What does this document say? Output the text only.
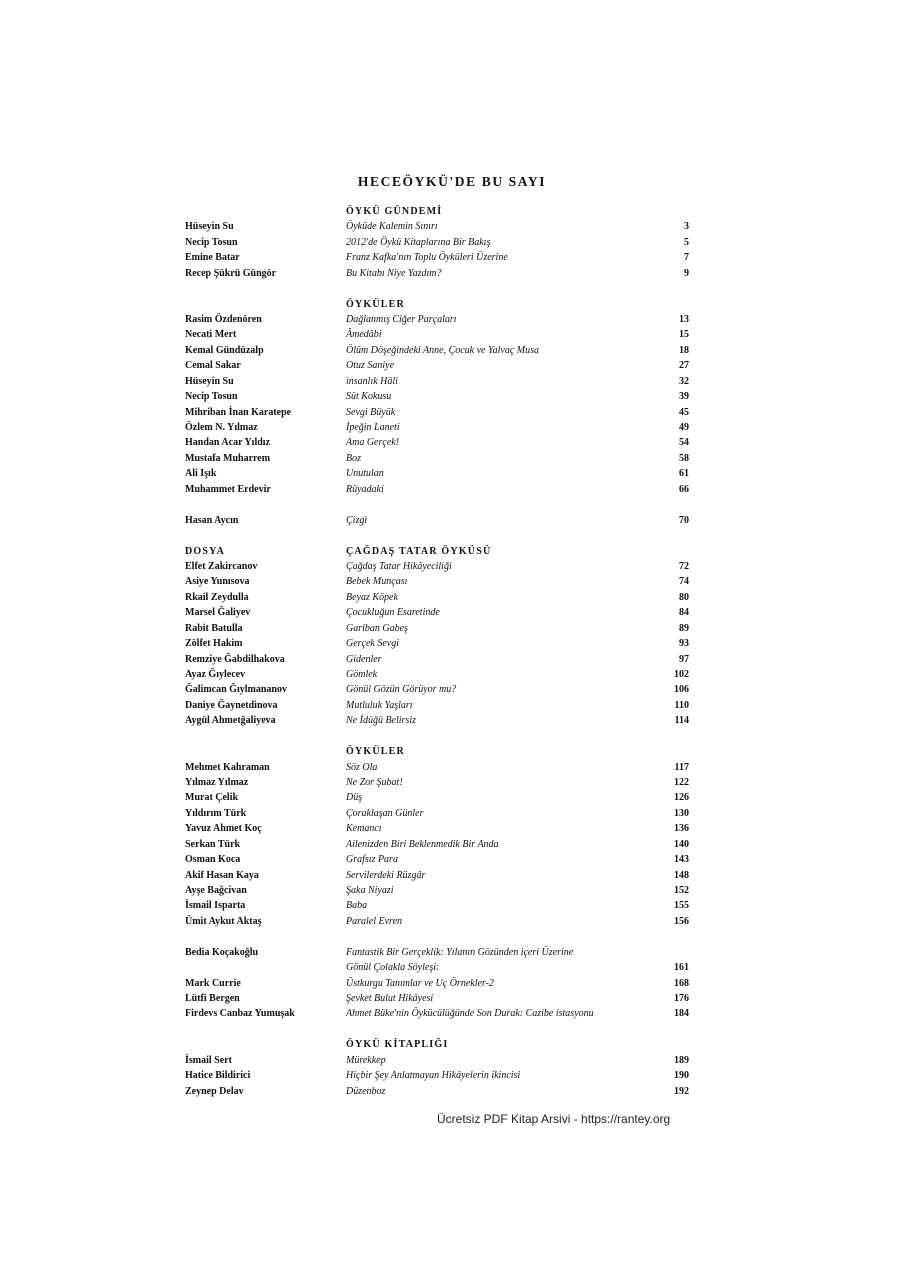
HECEÖYKÜ'DE BU SAYI
ÖYKÜ GÜNDEMİ
Hüseyin Su	Öyküde Kalemin Sınırı	3
Necip Tosun	2012'de Öykü Kitaplarına Bir Bakış	5
Emine Batar	Franz Kafka'nın Toplu Öyküleri Üzerine	7
Recep Şükrü Güngör	Bu Kitabı Niye Yazdım?	9
ÖYKÜLER
Rasim Özdenören	Dağlanmış Ciğer Parçaları	13
Necati Mert	Âmedâbi	15
Kemal Gündüzalp	Ölüm Döşeğindeki Anne, Çocuk ve Yalvaç Musa	18
Cemal Sakar	Otuz Saniye	27
Hüseyin Su	insanlık Hâli	32
Necip Tosun	Süt Kokusu	39
Mihriban İnan Karatepe	Sevgi Büyük	45
Özlem N. Yılmaz	İpeğin Laneti	49
Handan Acar Yıldız	Ama Gerçek!	54
Mustafa Muharrem	Boz	58
Ali Işık	Unutulan	61
Muhammet Erdevir	Rüyadaki	66
Hasan Aycın	Çizgi	70
DOSYA	ÇAĞDAŞ TATAR ÖYKÜSÜ
Elfet Zakircanov	Çağdaş Tatar Hikâyeciliği	72
Asiye Yunısova	Bebek Munçası	74
Rkail Zeydulla	Beyaz Köpek	80
Marsel Ğaliyev	Çocukluğun Esaretinde	84
Rabit Batulla	Gariban Gabeş	89
Zölfet Hakim	Gerçek Sevgi	93
Remziye Ğabdilhakova	Gidenler	97
Ayaz Ğıylecev	Gömlek	102
Ğalimcan Ğıylmananov	Gönül Gözün Görüyor mu?	106
Daniye Ğaynetdinova	Mutluluk Yaşları	110
Aygül Ahmetğaliyeva	Ne İdüğü Belirsiz	114
ÖYKÜLER
Mehmet Kahraman	Söz Ola	117
Yılmaz Yılmaz	Ne Zor Şubat!	122
Murat Çelik	Düş	126
Yıldırım Türk	Çoraklaşan Günler	130
Yavuz Ahmet Koç	Kemancı	136
Serkan Türk	Ailenizden Biri Beklenmedik Bir Anda	140
Osman Koca	Grafsız Para	143
Akif Hasan Kaya	Servilerdeki Rüzgâr	148
Ayşe Bağcivan	Şaka Niyazi	152
İsmail Isparta	Baba	155
Ümit Aykut Aktaş	Paralel Evren	156
Bedia Koçakoğlu	Fantastik Bir Gerçeklik: Yılanın Gözünden içeri Üzerine
Gönül Çolakla Söyleşi:	161
Mark Currie	Üstkurgu Tanımlar ve Uç Örnekler-2	168
Lütfi Bergen	Şevket Bulut Hikâyesi	176
Firdevs Canbaz Yumuşak	Ahmet Büke'nin Öykücülüğünde Son Durak: Cazibe istasyonu	184
ÖYKÜ KİTAPLIĞI
İsmail Sert	Mürekkep	189
Hatice Bildirici	Hiçbir Şey Anlatmayan Hikâyelerin ikincisi	190
Zeynep Delav	Düzenboz	192
Ücretsiz PDF Kitap Arsivi - https://rantey.org
